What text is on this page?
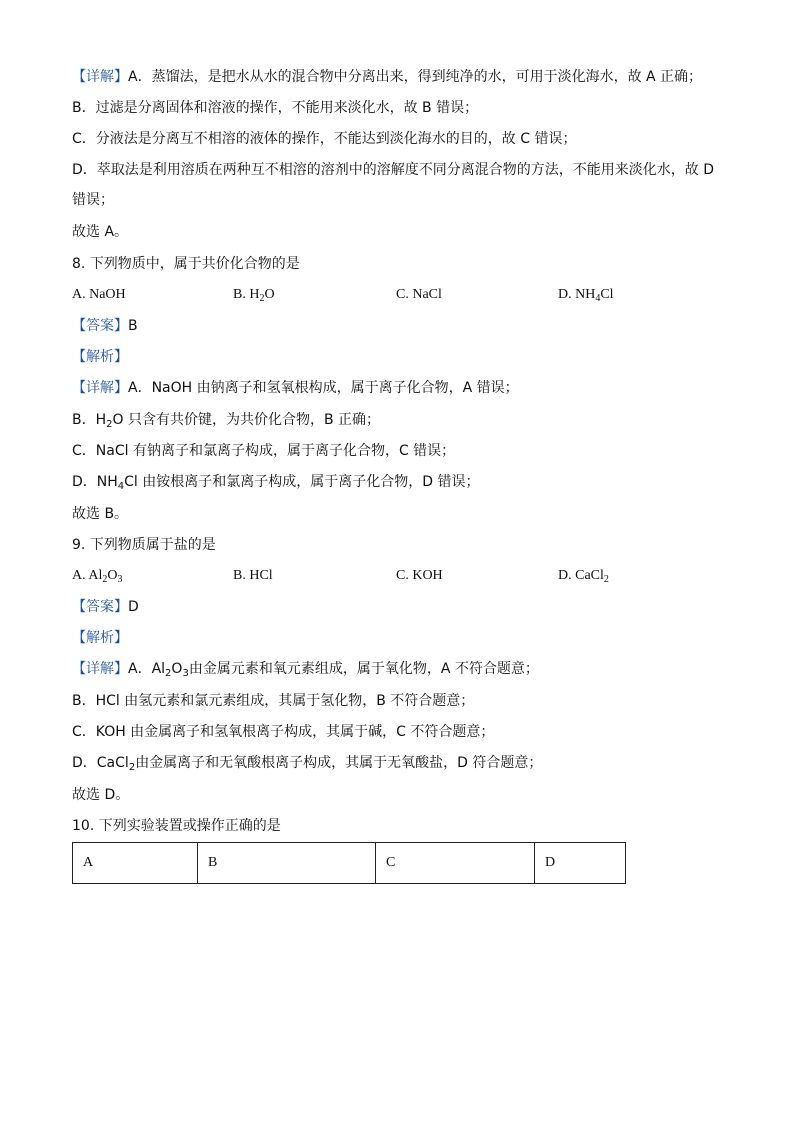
【详解】A．蒸馏法，是把水从水的混合物中分离出来，得到纯净的水，可用于淡化海水，故 A 正确；
B．过滤是分离固体和溶液的操作，不能用来淡化水，故 B 错误；
C．分液法是分离互不相溶的液体的操作，不能达到淡化海水的目的，故 C 错误；
D．萃取法是利用溶质在两种互不相溶的溶剂中的溶解度不同分离混合物的方法，不能用来淡化水，故 D
错误；
故选 A。
8. 下列物质中，属于共价化合物的是
A. NaOH	B. $H_2O$	C. NaCl	D. $NH_4Cl$
【答案】B
【解析】
【详解】A．NaOH 由钠离子和氢氧根构成，属于离子化合物，A 错误；
B．$H_2O$ 只含有共价键，为共价化合物，B 正确；
C．NaCl 有钠离子和氯离子构成，属于离子化合物，C 错误；
D．$NH_4Cl$ 由铵根离子和氯离子构成，属于离子化合物，D 错误；
故选 B。
9. 下列物质属于盐的是
A. $Al_2O_3$	B. HCl	C. KOH	D. CaCl$_2$
【答案】D
【解析】
【详解】A．$Al_2O_3$由金属元素和氧元素组成，属于氧化物，A 不符合题意；
B．HCl 由氢元素和氯元素组成，其属于氢化物，B 不符合题意；
C．KOH 由金属离子和氢氧根离子构成，其属于碱，C 不符合题意；
D．CaCl$_2$由金属离子和无氧酸根离子构成，其属于无氧酸盐，D 符合题意；
故选 D。
10. 下列实验装置或操作正确的是
A	B	C	D
